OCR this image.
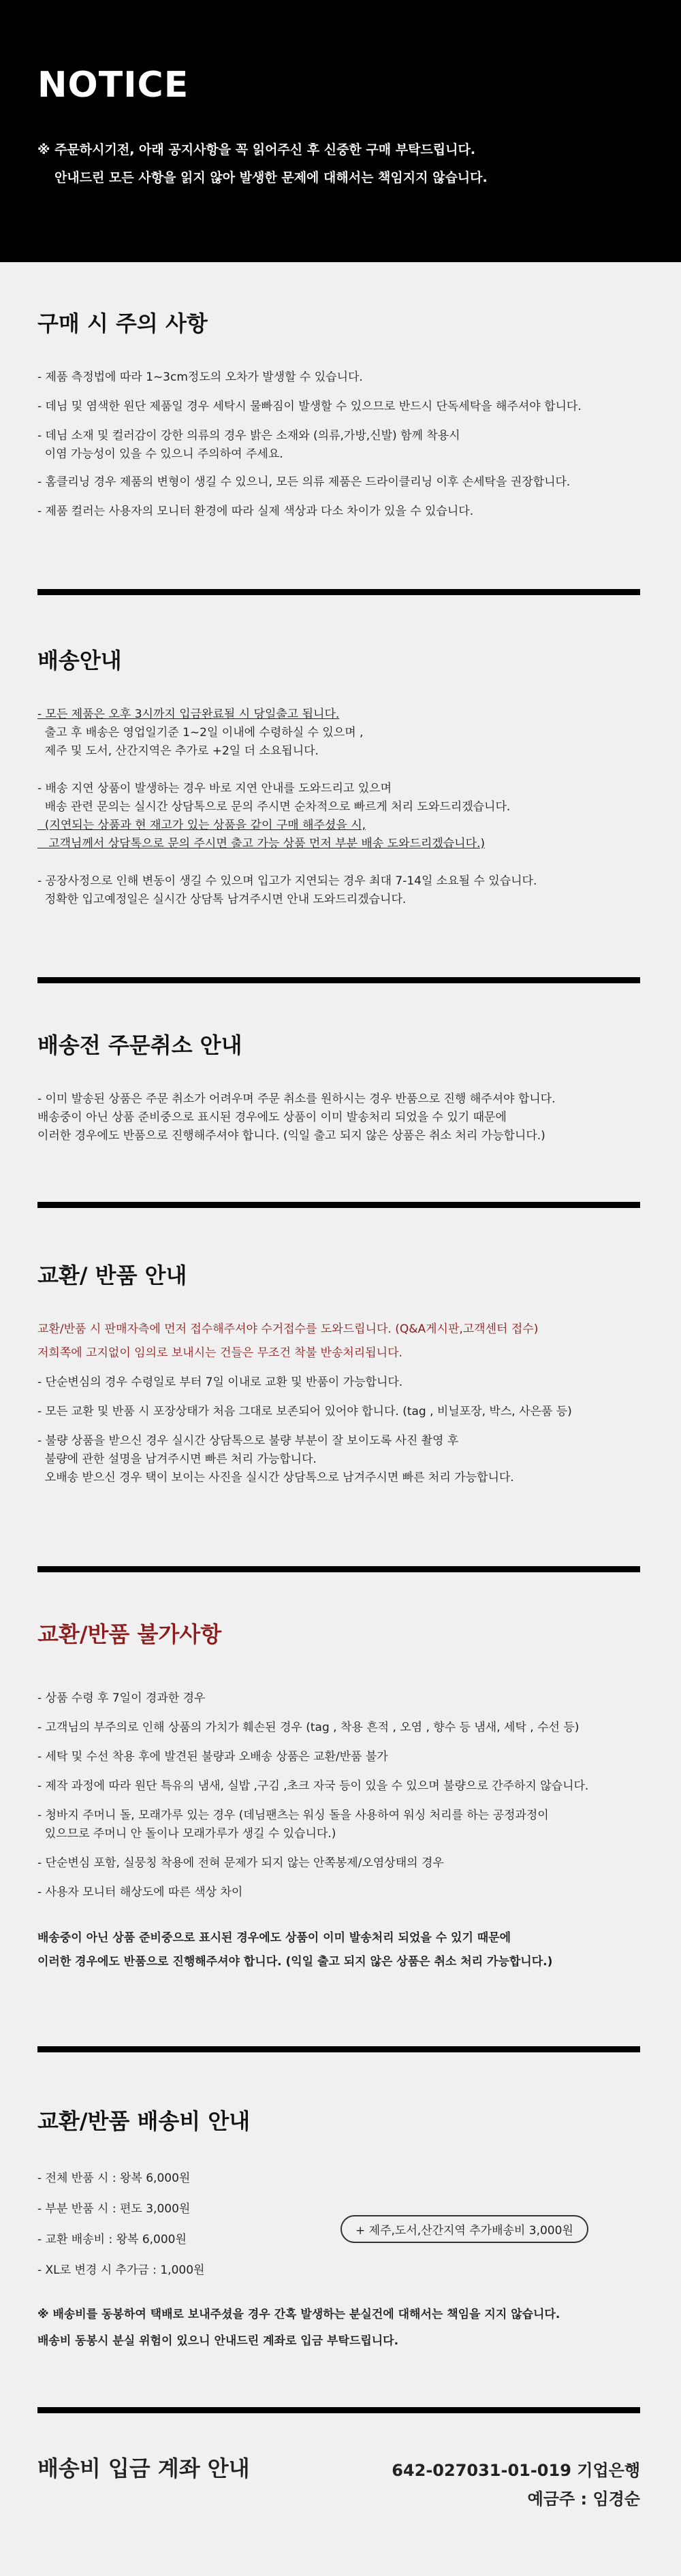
NOTICE
※ 주문하시기전, 아래 공지사항을 꼭 읽어주신 후 신중한 구매 부탁드립니다.
안내드린 모든 사항을 읽지 않아 발생한 문제에 대해서는 책임지지 않습니다.
구매 시 주의 사항

- 제품 측정법에 따라 1~3cm정도의 오차가 발생할 수 있습니다.

- 데님 및 염색한 원단 제품일 경우 세탁시 물빠짐이 발생할 수 있으므로 반드시 단독세탁을 해주셔야 합니다.

- 데님 소재 및 컬러감이 강한 의류의 경우 밝은 소재와 (의류,가방,신발) 함께 착용시

이염 가능성이 있을 수 있으니 주의하여 주세요.

- 홈클리닝 경우 제품의 변형이 생길 수 있으니, 모든 의류 제품은 드라이클리닝 이후 손세탁을 권장합니다.

- 제품 컬러는 사용자의 모니터 환경에 따라 실제 색상과 다소 차이가 있을 수 있습니다.

배송안내

- 모든 제품은 오후 3시까지 입금완료될 시 당일출고 됩니다.

출고 후 배송은 영업일기준 1~2일 이내에 수령하실 수 있으며 ,

제주 및 도서, 산간지역은 추가로 +2일 더 소요됩니다.

- 배송 지연 상품이 발생하는 경우 바로 지연 안내를 도와드리고 있으며

배송 관련 문의는 실시간 상담톡으로 문의 주시면 순차적으로 빠르게 처리 도와드리겠습니다.

(지연되는 상품과 현 재고가 있는 상품을 같이 구매 해주셨을 시,

고객님께서 상담톡으로 문의 주시면 출고 가능 상품 먼저 부분 배송 도와드리겠습니다.)

- 공장사정으로 인해 변동이 생길 수 있으며 입고가 지연되는 경우 최대 7-14일 소요될 수 있습니다.

정확한 입고예정일은 실시간 상담톡 남겨주시면 안내 도와드리겠습니다.

배송전 주문취소 안내

- 이미 발송된 상품은 주문 취소가 어려우며 주문 취소를 원하시는 경우 반품으로 진행 해주셔야 합니다.

배송중이 아닌 상품 준비중으로 표시된 경우에도 상품이 이미 발송처리 되었을 수 있기 때문에

이러한 경우에도 반품으로 진행해주셔야 합니다. (익일 출고 되지 않은 상품은 취소 처리 가능합니다.)

교환/ 반품 안내

교환/반품 시 판매자측에 먼저 접수해주셔야 수거접수를 도와드립니다. (Q&A게시판,고객센터 접수)

저희쪽에 고지없이 임의로 보내시는 건들은 무조건 착불 반송처리됩니다.

- 단순변심의 경우 수령일로 부터 7일 이내로 교환 및 반품이 가능합니다.

- 모든 교환 및 반품 시 포장상태가 처음 그대로 보존되어 있어야 합니다. (tag , 비닐포장, 박스, 사은품 등)

- 불량 상품을 받으신 경우 실시간 상담톡으로 불량 부분이 잘 보이도록 사진 촬영 후

불량에 관한 설명을 남겨주시면 빠른 처리 가능합니다.

오배송 받으신 경우 택이 보이는 사진을 실시간 상담톡으로 남겨주시면 빠른 처리 가능합니다.

교환/반품 불가사항

- 상품 수령 후 7일이 경과한 경우

- 고객님의 부주의로 인해 상품의 가치가 훼손된 경우 (tag , 착용 흔적 , 오염 , 향수 등 냄새, 세탁 , 수선 등)

- 세탁 및 수선 착용 후에 발견된 불량과 오배송 상품은 교환/반품 불가

- 제작 과정에 따라 원단 특유의 냄새, 실밥 ,구김 ,초크 자국 등이 있을 수 있으며 불량으로 간주하지 않습니다.

- 청바지 주머니 돌, 모래가루 있는 경우 (데님팬츠는 워싱 돌을 사용하여 워싱 처리를 하는 공정과정이

있으므로 주머니 안 돌이나 모래가루가 생길 수 있습니다.)

- 단순변심 포함, 실뭉칭 착용에 전혀 문제가 되지 않는 안쪽봉제/오염상태의 경우

- 사용자 모니터 해상도에 따른 색상 차이

배송중이 아닌 상품 준비중으로 표시된 경우에도 상품이 이미 발송처리 되었을 수 있기 때문에

이러한 경우에도 반품으로 진행해주셔야 합니다. (익일 출고 되지 않은 상품은 취소 처리 가능합니다.)

교환/반품 배송비 안내

- 전체 반품 시 : 왕복 6,000원

- 부분 반품 시 : 편도 3,000원

- 교환 배송비 : 왕복 6,000원

- XL로 변경 시 추가금 : 1,000원

※ 배송비를 동봉하여 택배로 보내주셨을 경우 간혹 발생하는 분실건에 대해서는 책임을 지지 않습니다.

배송비 동봉시 분실 위험이 있으니 안내드린 계좌로 입금 부탁드립니다.

+ 제주,도서,산간지역 추가배송비 3,000원
배송비 입금 계좌 안내	642-027031-01-019 기업은행
예금주 : 임경순
